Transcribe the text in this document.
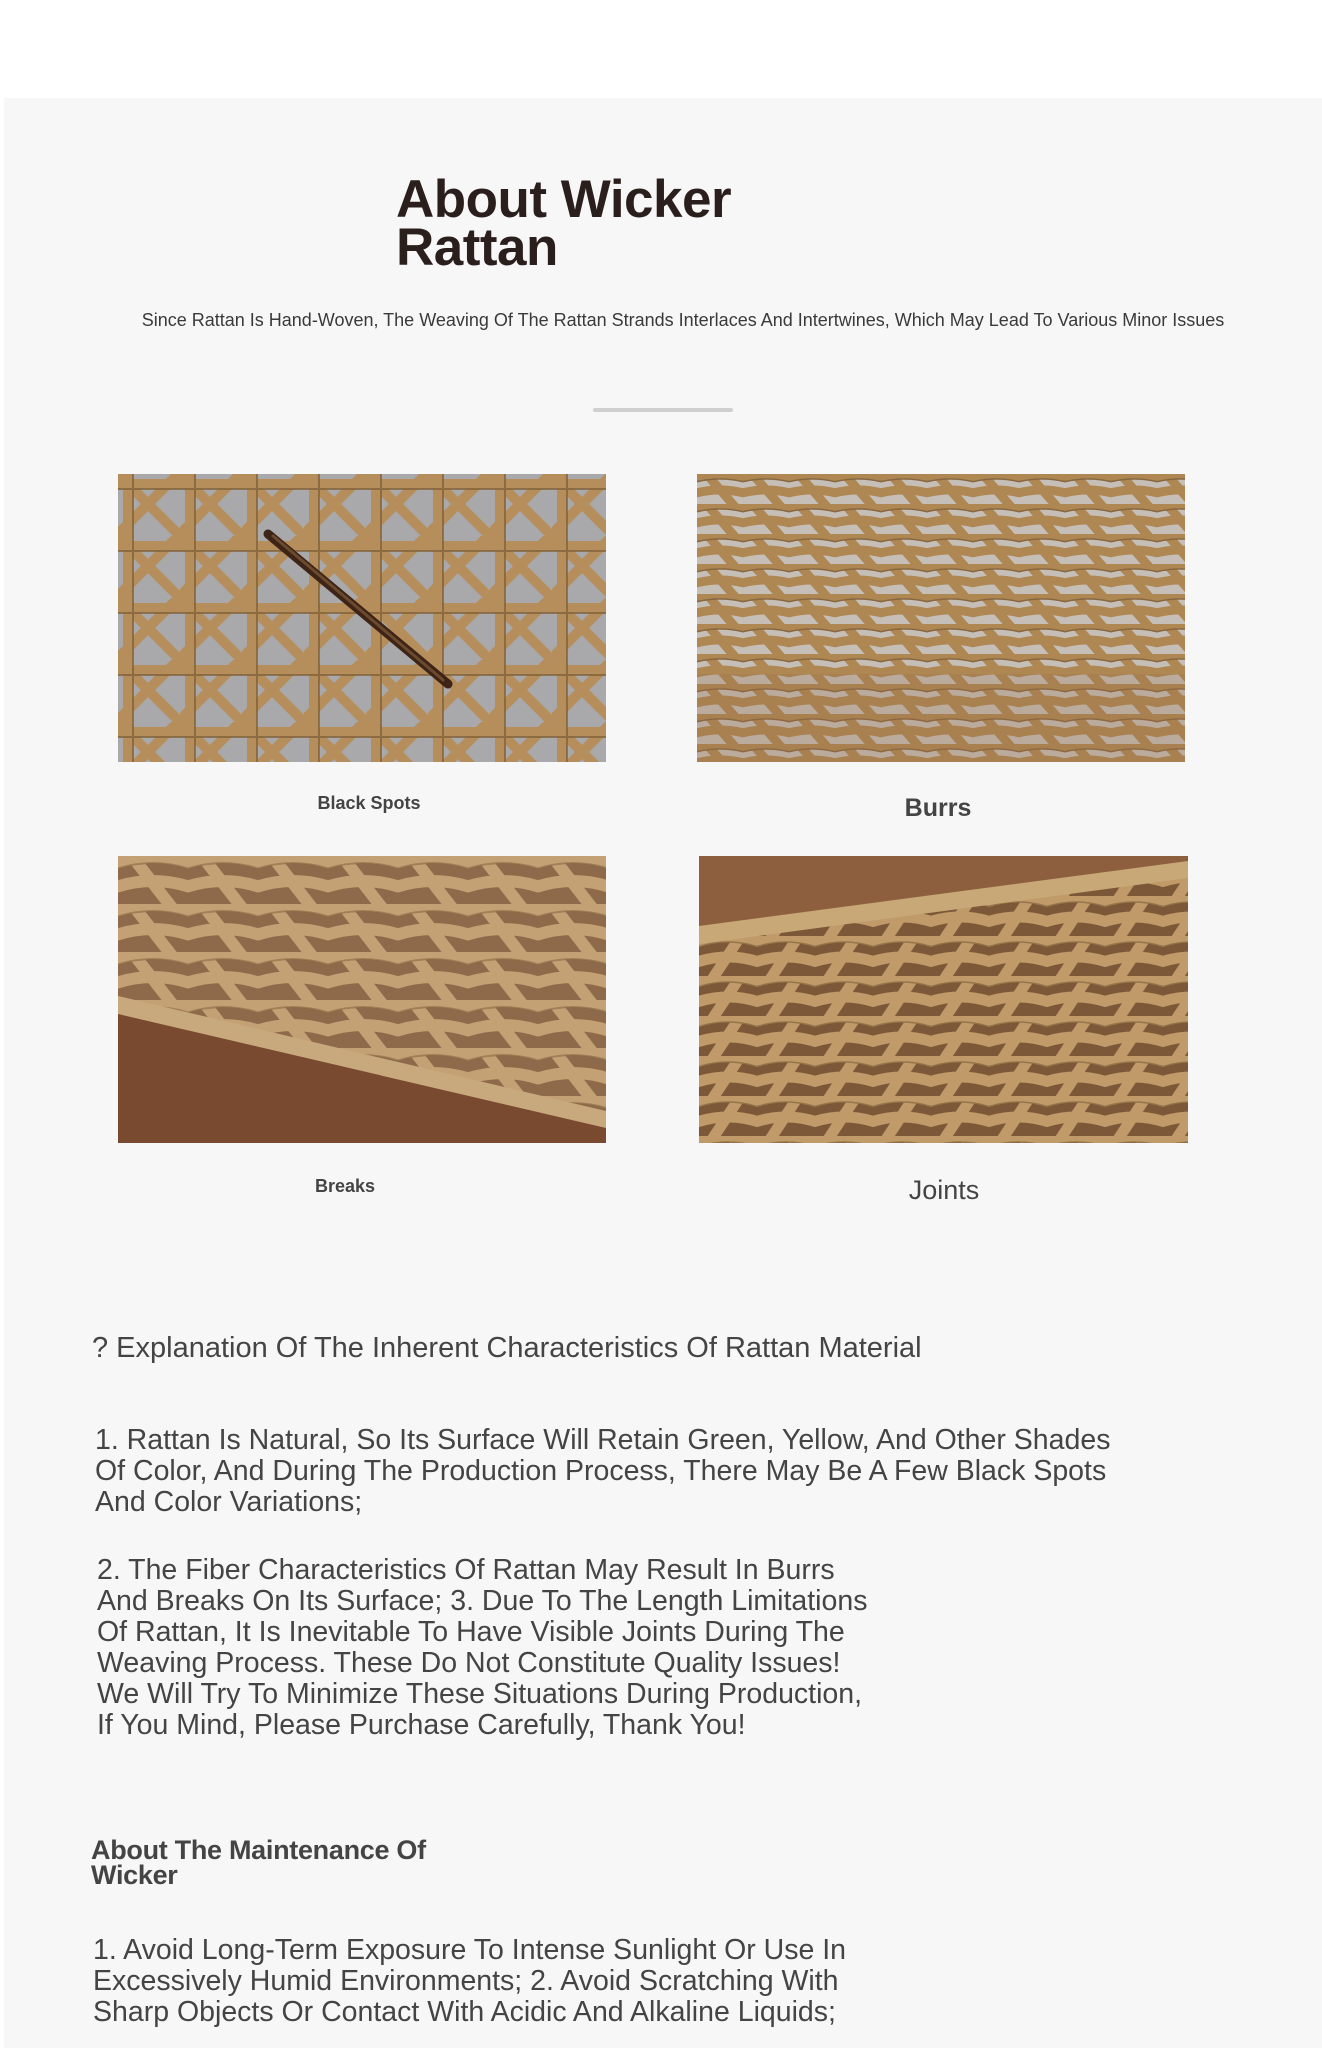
About Wicker
Rattan
Since Rattan Is Hand-Woven, The Weaving Of The Rattan Strands Interlaces And Intertwines, Which May Lead To Various Minor Issues
Black Spots	Burrs
Breaks	Joints
? Explanation Of The Inherent Characteristics Of Rattan Material
1. Rattan Is Natural, So Its Surface Will Retain Green, Yellow, And Other Shades
Of Color, And During The Production Process, There May Be A Few Black Spots
And Color Variations;
2. The Fiber Characteristics Of Rattan May Result In Burrs
And Breaks On Its Surface; 3. Due To The Length Limitations
Of Rattan, It Is Inevitable To Have Visible Joints During The
Weaving Process. These Do Not Constitute Quality Issues!
We Will Try To Minimize These Situations During Production,
If You Mind, Please Purchase Carefully, Thank You!
About The Maintenance Of
Wicker
1. Avoid Long-Term Exposure To Intense Sunlight Or Use In
Excessively Humid Environments; 2. Avoid Scratching With
Sharp Objects Or Contact With Acidic And Alkaline Liquids;
